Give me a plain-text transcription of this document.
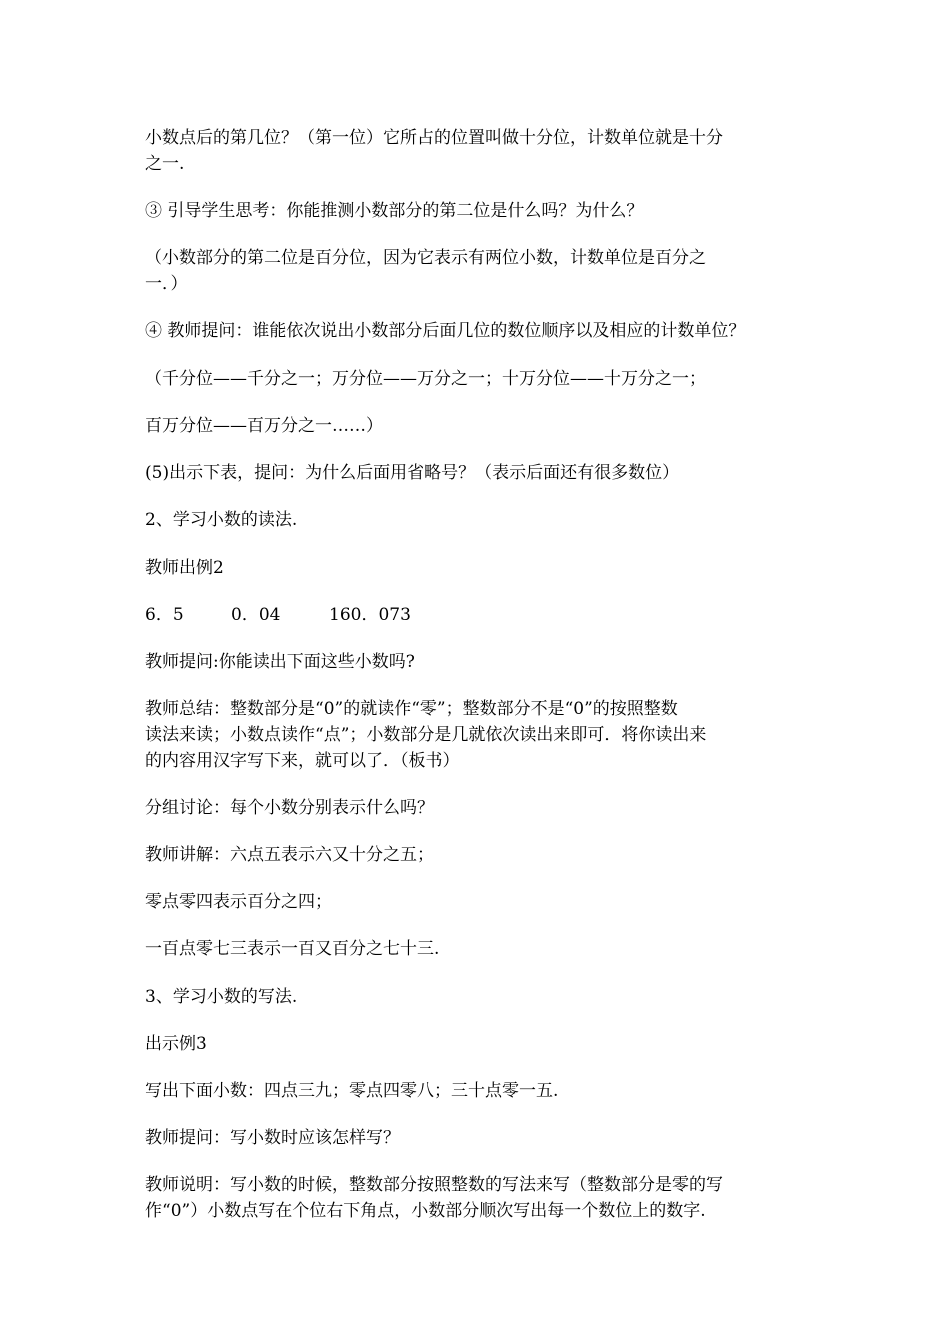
小数点后的第几位？（第一位）它所占的位置叫做十分位，计数单位就是十分
之一.

③ 引导学生思考：你能推测小数部分的第二位是什么吗？为什么？

（小数部分的第二位是百分位，因为它表示有两位小数，计数单位是百分之
一．）

④ 教师提问：谁能依次说出小数部分后面几位的数位顺序以及相应的计数单位？

（千分位——千分之一；万分位——万分之一；十万分位——十万分之一；

百万分位——百万分之一……）

(5)出示下表，提问：为什么后面用省略号？（表示后面还有很多数位）

2、学习小数的读法.

教师出例2

6．5	0．04	160．073

教师提问:你能读出下面这些小数吗?

教师总结：整数部分是“0”的就读作“零”；整数部分不是“0”的按照整数
读法来读；小数点读作“点”；小数部分是几就依次读出来即可．将你读出来
的内容用汉字写下来，就可以了．（板书）

分组讨论：每个小数分别表示什么吗？

教师讲解：六点五表示六又十分之五；

零点零四表示百分之四；

一百点零七三表示一百又百分之七十三.

3、学习小数的写法.

出示例3

写出下面小数：四点三九；零点四零八；三十点零一五.

教师提问：写小数时应该怎样写？

教师说明：写小数的时候，整数部分按照整数的写法来写（整数部分是零的写
作“0”）小数点写在个位右下角点，小数部分顺次写出每一个数位上的数字.
